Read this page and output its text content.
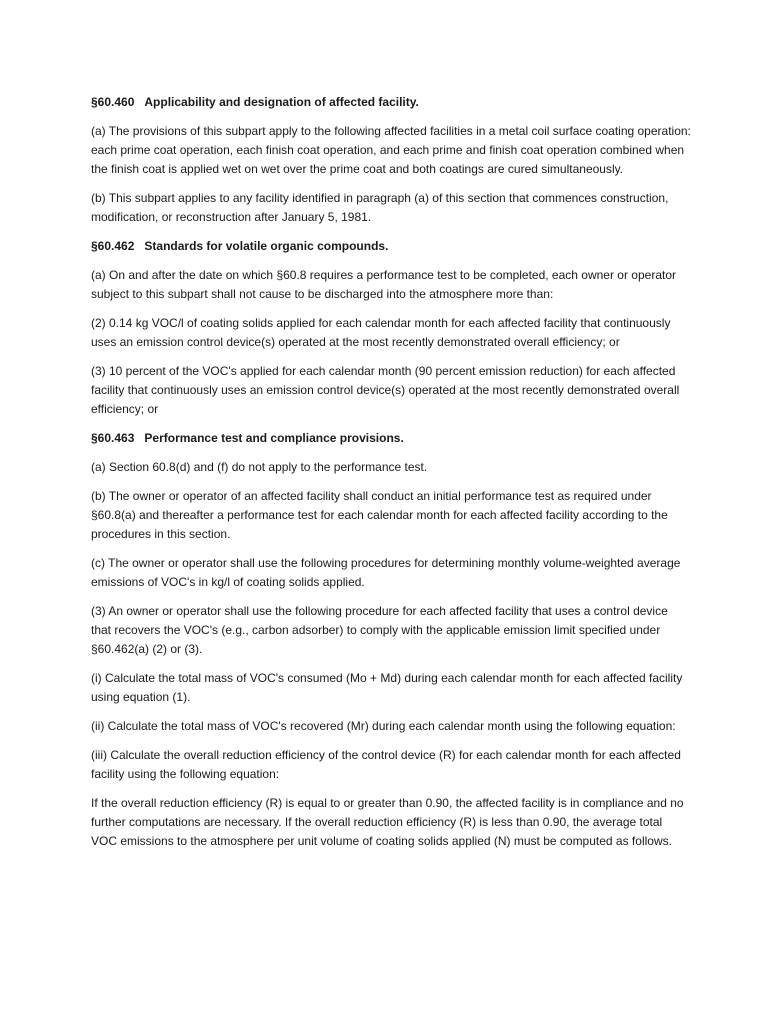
§60.460 Applicability and designation of affected facility.
(a) The provisions of this subpart apply to the following affected facilities in a metal coil surface coating operation: each prime coat operation, each finish coat operation, and each prime and finish coat operation combined when the finish coat is applied wet on wet over the prime coat and both coatings are cured simultaneously.
(b) This subpart applies to any facility identified in paragraph (a) of this section that commences construction, modification, or reconstruction after January 5, 1981.
§60.462 Standards for volatile organic compounds.
(a) On and after the date on which §60.8 requires a performance test to be completed, each owner or operator subject to this subpart shall not cause to be discharged into the atmosphere more than:
(2) 0.14 kg VOC/l of coating solids applied for each calendar month for each affected facility that continuously uses an emission control device(s) operated at the most recently demonstrated overall efficiency; or
(3) 10 percent of the VOC's applied for each calendar month (90 percent emission reduction) for each affected facility that continuously uses an emission control device(s) operated at the most recently demonstrated overall efficiency; or
§60.463 Performance test and compliance provisions.
(a) Section 60.8(d) and (f) do not apply to the performance test.
(b) The owner or operator of an affected facility shall conduct an initial performance test as required under §60.8(a) and thereafter a performance test for each calendar month for each affected facility according to the procedures in this section.
(c) The owner or operator shall use the following procedures for determining monthly volume-weighted average emissions of VOC's in kg/l of coating solids applied.
(3) An owner or operator shall use the following procedure for each affected facility that uses a control device that recovers the VOC's (e.g., carbon adsorber) to comply with the applicable emission limit specified under §60.462(a) (2) or (3).
(i) Calculate the total mass of VOC's consumed (Mo + Md) during each calendar month for each affected facility using equation (1).
(ii) Calculate the total mass of VOC's recovered (Mr) during each calendar month using the following equation:
(iii) Calculate the overall reduction efficiency of the control device (R) for each calendar month for each affected facility using the following equation:
If the overall reduction efficiency (R) is equal to or greater than 0.90, the affected facility is in compliance and no further computations are necessary. If the overall reduction efficiency (R) is less than 0.90, the average total VOC emissions to the atmosphere per unit volume of coating solids applied (N) must be computed as follows.
